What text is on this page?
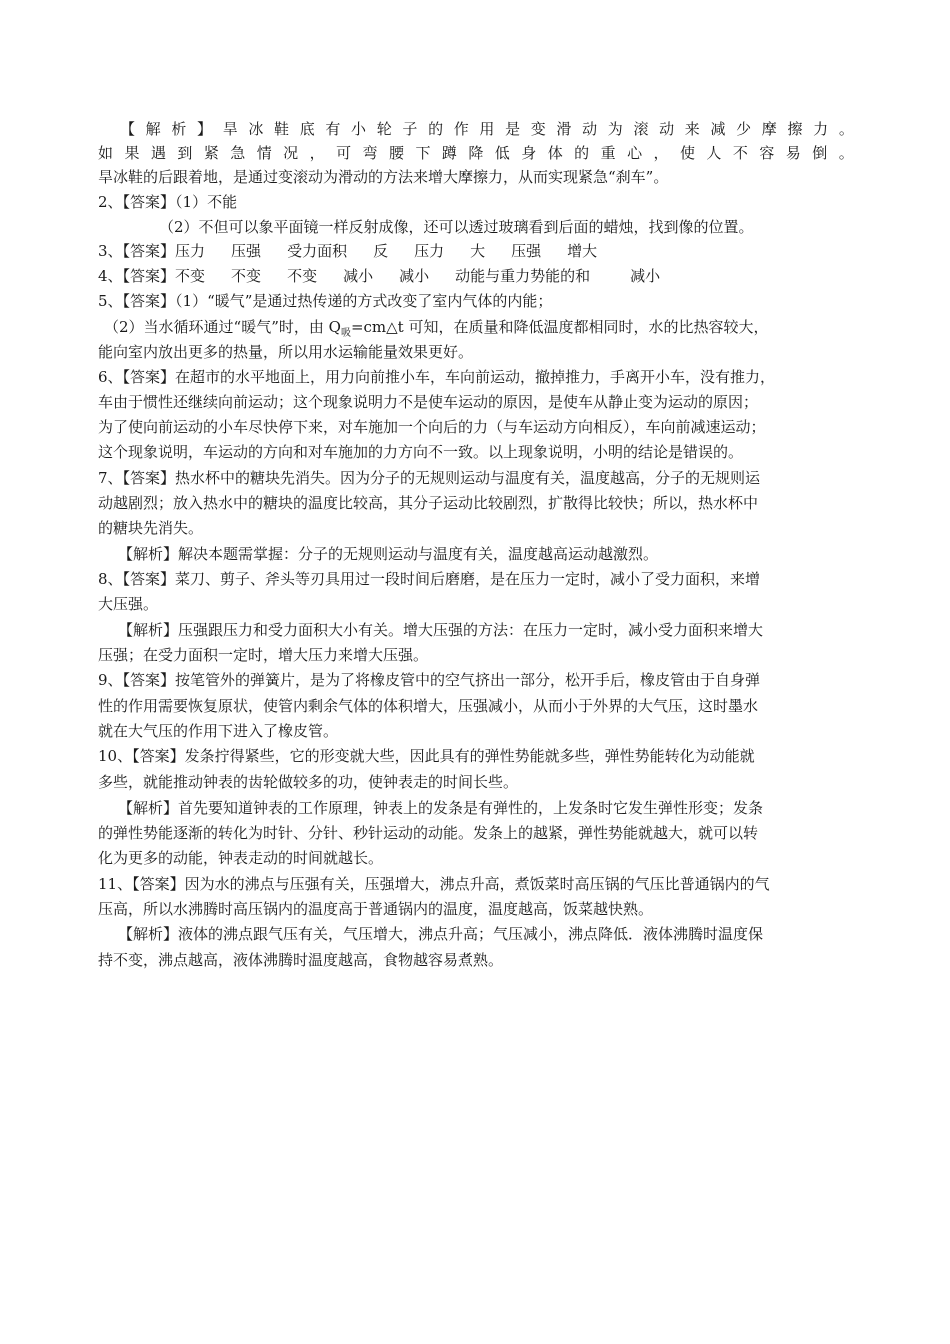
【 解 析 】 旱 冰 鞋 底 有 小 轮 子 的 作 用 是 变 滑 动 为 滚 动 来 减 少 摩 擦 力 。
如 果 遇 到 紧 急 情 况 ， 可 弯 腰 下 蹲 降 低 身 体 的 重 心 ， 使 人 不 容 易 倒 。
旱冰鞋的后跟着地，是通过变滚动为滑动的方法来增大摩擦力，从而实现紧急“刹车”。
2、【答案】（1）不能
（2）不但可以象平面镜一样反射成像，还可以透过玻璃看到后面的蜡烛，找到像的位置。
3、【答案】压力 压强 受力面积 反 压力 大 压强 增大
4、【答案】不变 不变 不变 减小 减小 动能与重力势能的和	减小
5、【答案】（1）“暖气”是通过热传递的方式改变了室内气体的内能；
（2）当水循环通过“暖气”时，由 $Q_吸=cm\triangle t$ 可知，在质量和降低温度都相同时，水的比热容较大，
能向室内放出更多的热量，所以用水运输能量效果更好。
6、【答案】在超市的水平地面上，用力向前推小车，车向前运动，撤掉推力，手离开小车，没有推力，
车由于惯性还继续向前运动；这个现象说明力不是使车运动的原因，是使车从静止变为运动的原因；
为了使向前运动的小车尽快停下来，对车施加一个向后的力（与车运动方向相反），车向前减速运动；
这个现象说明，车运动的方向和对车施加的力方向不一致。以上现象说明，小明的结论是错误的。
7、【答案】热水杯中的糖块先消失。因为分子的无规则运动与温度有关，温度越高，分子的无规则运
动越剧烈；放入热水中的糖块的温度比较高，其分子运动比较剧烈，扩散得比较快；所以，热水杯中
的糖块先消失。
【解析】解决本题需掌握：分子的无规则运动与温度有关，温度越高运动越激烈。
8、【答案】菜刀、剪子、斧头等刃具用过一段时间后磨磨，是在压力一定时，减小了受力面积，来增
大压强。
【解析】压强跟压力和受力面积大小有关。增大压强的方法：在压力一定时，减小受力面积来增大
压强；在受力面积一定时，增大压力来增大压强。
9、【答案】按笔管外的弹簧片，是为了将橡皮管中的空气挤出一部分，松开手后，橡皮管由于自身弹
性的作用需要恢复原状，使管内剩余气体的体积增大，压强减小，从而小于外界的大气压，这时墨水
就在大气压的作用下进入了橡皮管。
10、【答案】发条拧得紧些，它的形变就大些，因此具有的弹性势能就多些，弹性势能转化为动能就
多些，就能推动钟表的齿轮做较多的功，使钟表走的时间长些。
【解析】首先要知道钟表的工作原理，钟表上的发条是有弹性的，上发条时它发生弹性形变；发条
的弹性势能逐渐的转化为时针、分针、秒针运动的动能。发条上的越紧，弹性势能就越大，就可以转
化为更多的动能，钟表走动的时间就越长。
11、【答案】因为水的沸点与压强有关，压强增大，沸点升高，煮饭菜时高压锅的气压比普通锅内的气
压高，所以水沸腾时高压锅内的温度高于普通锅内的温度，温度越高，饭菜越快熟。
【解析】液体的沸点跟气压有关，气压增大，沸点升高；气压减小，沸点降低．液体沸腾时温度保
持不变，沸点越高，液体沸腾时温度越高，食物越容易煮熟。
